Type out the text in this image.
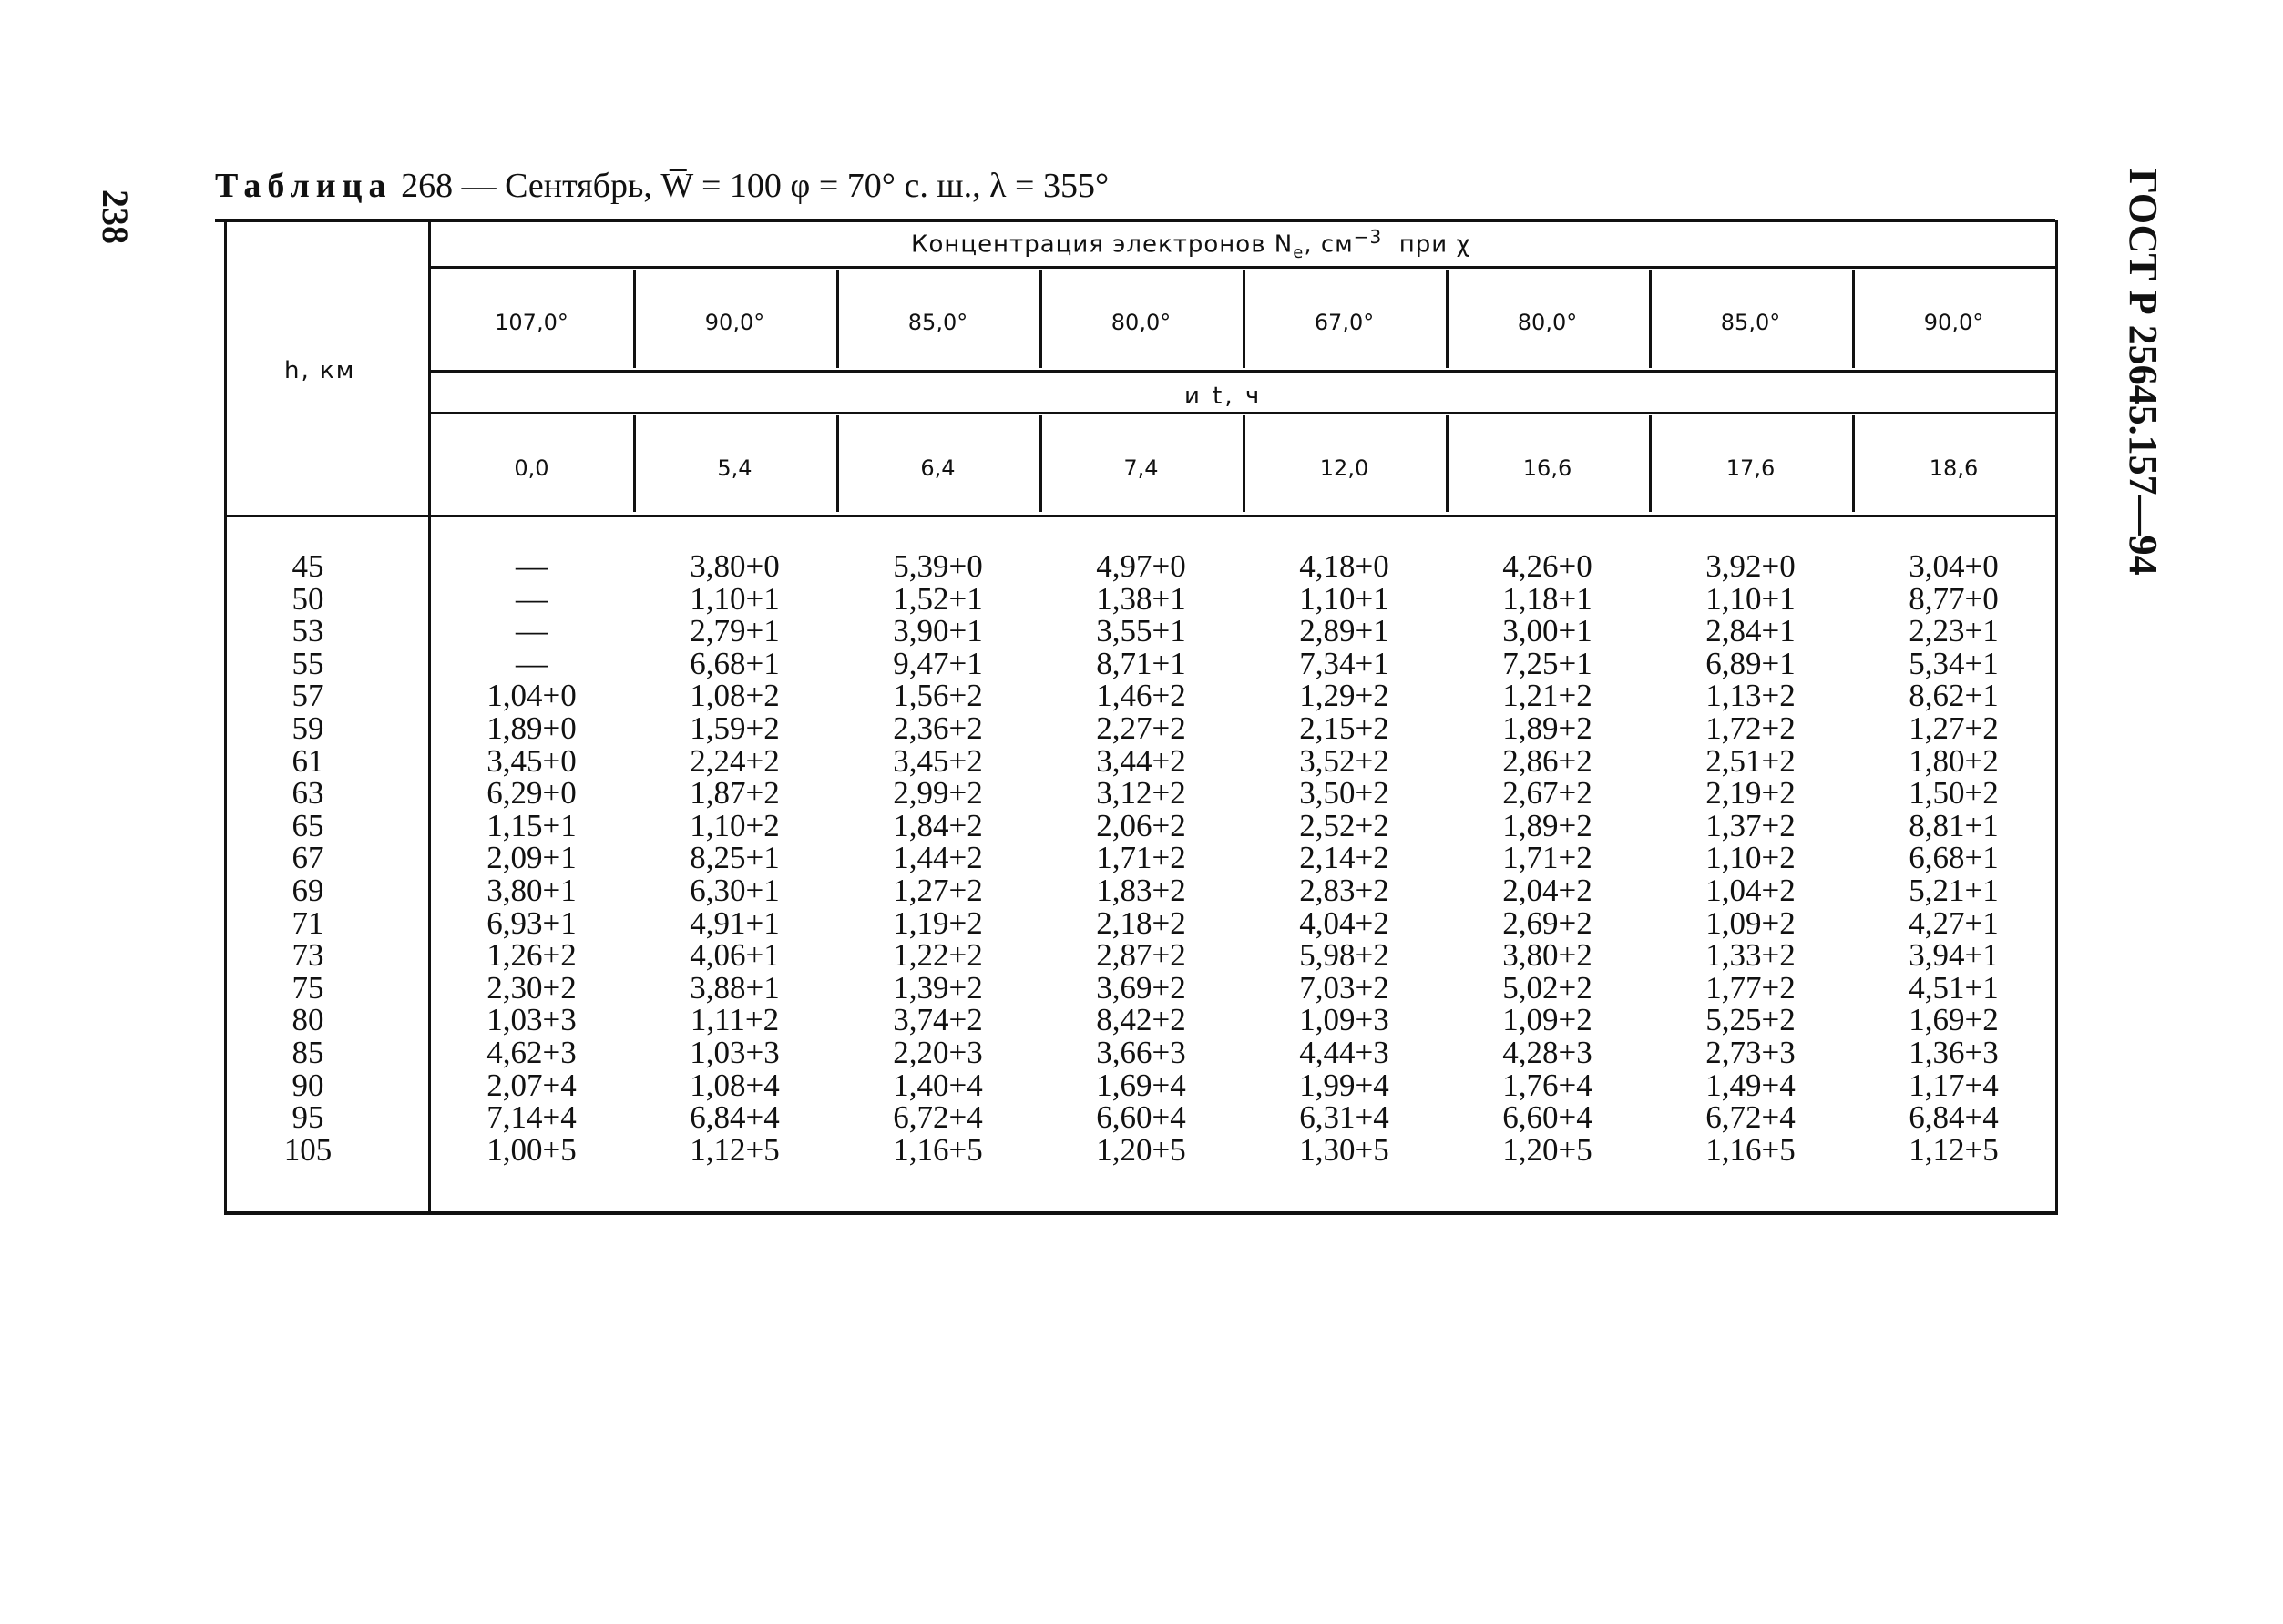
238
Таблица 268 — Сентябрь, W̅ = 100 φ = 70° с. ш., λ = 355°	ГОСТ Р 25645.157—94
Концентрация электронов $N_e$, $см^{-3}$ при χ
и t, ч
h, км
107,0°	90,0°	85,0°	80,0°	67,0°	80,0°	85,0°	90,0°
0,0	5,4	6,4	7,4	12,0	16,6	17,6	18,6
45	—	3,80+0	5,39+0	4,97+0	4,18+0	4,26+0	3,92+0	3,04+0
50	—	1,10+1	1,52+1	1,38+1	1,10+1	1,18+1	1,10+1	8,77+0
53	—	2,79+1	3,90+1	3,55+1	2,89+1	3,00+1	2,84+1	2,23+1
55	—	6,68+1	9,47+1	8,71+1	7,34+1	7,25+1	6,89+1	5,34+1
57	1,04+0	1,08+2	1,56+2	1,46+2	1,29+2	1,21+2	1,13+2	8,62+1
59	1,89+0	1,59+2	2,36+2	2,27+2	2,15+2	1,89+2	1,72+2	1,27+2
61	3,45+0	2,24+2	3,45+2	3,44+2	3,52+2	2,86+2	2,51+2	1,80+2
63	6,29+0	1,87+2	2,99+2	3,12+2	3,50+2	2,67+2	2,19+2	1,50+2
65	1,15+1	1,10+2	1,84+2	2,06+2	2,52+2	1,89+2	1,37+2	8,81+1
67	2,09+1	8,25+1	1,44+2	1,71+2	2,14+2	1,71+2	1,10+2	6,68+1
69	3,80+1	6,30+1	1,27+2	1,83+2	2,83+2	2,04+2	1,04+2	5,21+1
71	6,93+1	4,91+1	1,19+2	2,18+2	4,04+2	2,69+2	1,09+2	4,27+1
73	1,26+2	4,06+1	1,22+2	2,87+2	5,98+2	3,80+2	1,33+2	3,94+1
75	2,30+2	3,88+1	1,39+2	3,69+2	7,03+2	5,02+2	1,77+2	4,51+1
80	1,03+3	1,11+2	3,74+2	8,42+2	1,09+3	1,09+2	5,25+2	1,69+2
85	4,62+3	1,03+3	2,20+3	3,66+3	4,44+3	4,28+3	2,73+3	1,36+3
90	2,07+4	1,08+4	1,40+4	1,69+4	1,99+4	1,76+4	1,49+4	1,17+4
95	7,14+4	6,84+4	6,72+4	6,60+4	6,31+4	6,60+4	6,72+4	6,84+4
105	1,00+5	1,12+5	1,16+5	1,20+5	1,30+5	1,20+5	1,16+5	1,12+5
